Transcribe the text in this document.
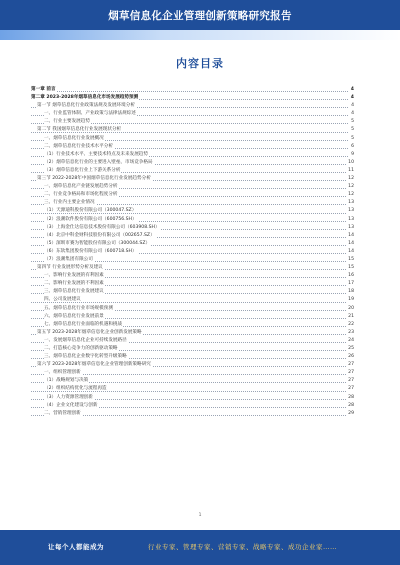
烟草信息化企业管理创新策略研究报告
内容目录
第一章 前言	4
第二章 2023-2028年烟草信息化市场发展趋势预测	4
第一节 烟草信息化行业政策法规及发展环境分析	4
一、行业监管体制、产业政策与法律法规综述	4
二、行业主要发展趋势	5
第二节 我国烟草信息化行业发展现状分析	5
一、烟草信息化行业发展概况	5
二、烟草信息化行业技术水平分析	6
（1）行业技术水平、主要技术特点及未来发展趋势	9
（2）烟草信息化行业的主要进入壁垒、市场竞争格局	10
（3）烟草信息化行业上下游关系分析	11
第三节 2022-2028年中国烟草信息化行业发展趋势分析	12
一、烟草信息化产业链发展趋势分析	12
二、行业竞争格局和市场化程度分析	12
三、行业内主要企业情况	13
（1）天源迪科股份有限公司（300047.SZ）	13
（2）浪潮软件股份有限公司（600756.SH）	13
（3）上海金仕达信息技术股份有限公司（603908.SH）	13
（4）北京中科金财科技股份有限公司（002657.SZ）	14
（5）深圳市赛为智能股份有限公司（300044.SZ）	14
（6）东软集团股份有限公司（600718.SH）	14
（7）浪潮集团有限公司	15
第四节 行业发展形势分析及建议	15
一、影响行业发展的有利因素	16
二、影响行业发展的不利因素	17
三、烟草信息化行业发展建议	18
四、公司发展建议	19
五、烟草信息化行业市场规模预测	20
六、烟草信息化行业发展前景	21
七、烟草信息化行业面临的机遇和挑战	22
第五节 2023-2028年烟草信息化企业创新发展策略	23
一、发展烟草信息化企业可持续发展路径	24
二、打造核心竞争力的创新驱动策略	25
三、烟草信息化企业数字化转型升级策略	26
第六节 2023-2028年烟草信息化企业管理创新策略研究	27
一、组织管理创新	27
（1）战略规划与决策	27
（2）组织结构优化与流程再造	27
（3）人力资源管理创新	28
（4）企业文化建设与创新	28
二、营销管理创新	29
1
让每个人都能成为	行业专家、管理专家、营销专家、战略专家、成功企业家……
